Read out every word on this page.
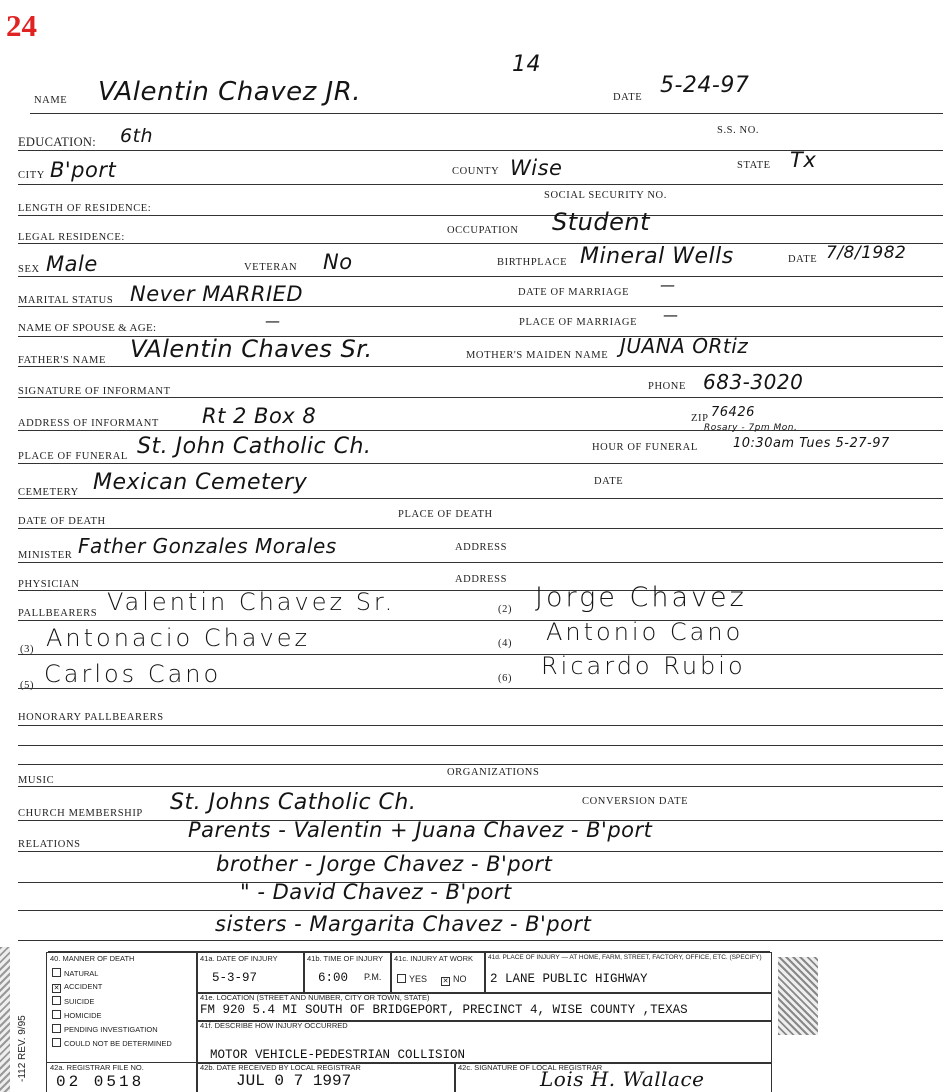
24
14
NAME VAlentin Chavez JR.	DATE 5-24-97
EDUCATION: 6th	S.S. NO.
CITY B'port	COUNTY Wise	STATE Tx
LENGTH OF RESIDENCE:
SOCIAL SECURITY NO.
LEGAL RESIDENCE:
OCCUPATION Student
SEX Male	VETERAN No	BIRTHPLACE Mineral Wells	DATE 7/8/1982
MARITAL STATUS Never MARRIED	DATE OF MARRIAGE —
NAME OF SPOUSE & AGE:	—	PLACE OF MARRIAGE —
FATHER'S NAME VAlentin Chaves Sr.	MOTHER'S MAIDEN NAME JUANA ORtiz
SIGNATURE OF INFORMANT	PHONE 683-3020
ADDRESS OF INFORMANT Rt 2 Box 8	ZIP 76426
PLACE OF FUNERAL St. John Catholic Ch.
Rosary - 7pm Mon.
HOUR OF FUNERAL	10:30am Tues 5-27-97
CEMETERY Mexican Cemetery	DATE
DATE OF DEATH
PLACE OF DEATH
MINISTER Father Gonzales Morales	ADDRESS
PHYSICIAN	ADDRESS
PALLBEARERS Valentin Chavez Sr.	(2) Jorge Chavez
(3) Antonacio Chavez	(4) Antonio Cano
(5) Carlos Cano	(6) Ricardo Rubio
HONORARY PALLBEARERS
MUSIC
ORGANIZATIONS
CHURCH MEMBERSHIP St. Johns Catholic Ch.	CONVERSION DATE
RELATIONS
Parents - Valentin + Juana Chavez - B'port
brother - Jorge Chavez - B'port
" - David Chavez - B'port
sisters - Margarita Chavez - B'port
40. MANNER OF DEATH
NATURAL
✕ ACCIDENT
SUICIDE
HOMICIDE
PENDING INVESTIGATION
COULD NOT BE DETERMINED
41a. DATE OF INJURY
5-3-97
41b. TIME OF INJURY
6:00 P.M.
41c. INJURY AT WORK
YES ✕ NO
41d. PLACE OF INJURY — AT HOME, FARM, STREET, FACTORY, OFFICE, ETC. (SPECIFY)
2 LANE PUBLIC HIGHWAY
41e. LOCATION (STREET AND NUMBER, CITY OR TOWN, STATE)
FM 920 5.4 MI SOUTH OF BRIDGEPORT, PRECINCT 4, WISE COUNTY ,TEXAS
41f. DESCRIBE HOW INJURY OCCURRED
MOTOR VEHICLE-PEDESTRIAN COLLISION
42a. REGISTRAR FILE NO.
02 0518
42b. DATE RECEIVED BY LOCAL REGISTRAR
JUL 0 7 1997
42c. SIGNATURE OF LOCAL REGISTRAR
Lois H. Wallace
-112 REV. 9/95
